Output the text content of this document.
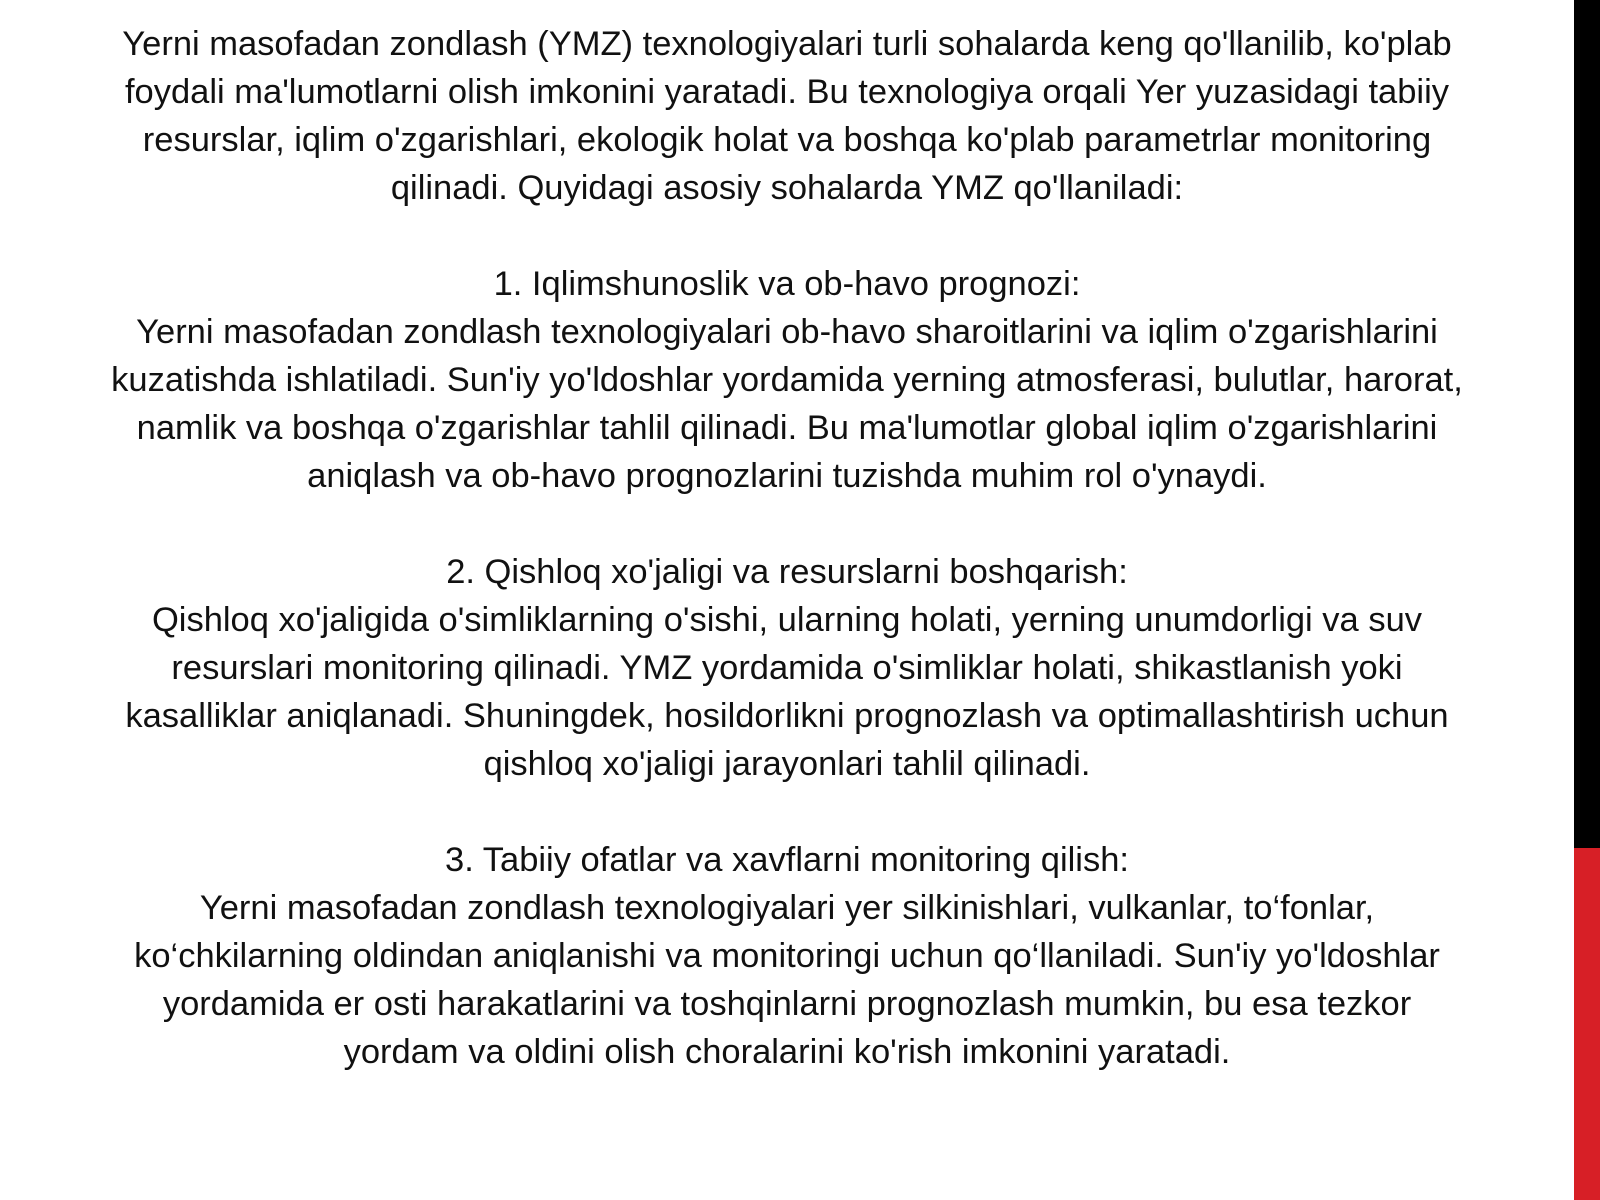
Yerni masofadan zondlash (YMZ) texnologiyalari turli sohalarda keng qo'llanilib, ko'plab
foydali ma'lumotlarni olish imkonini yaratadi. Bu texnologiya orqali Yer yuzasidagi tabiiy
resurslar, iqlim o'zgarishlari, ekologik holat va boshqa ko'plab parametrlar monitoring
qilinadi. Quyidagi asosiy sohalarda YMZ qo'llaniladi:

1. Iqlimshunoslik va ob-havo prognozi:
Yerni masofadan zondlash texnologiyalari ob-havo sharoitlarini va iqlim o'zgarishlarini
kuzatishda ishlatiladi. Sun'iy yo'ldoshlar yordamida yerning atmosferasi, bulutlar, harorat,
namlik va boshqa o'zgarishlar tahlil qilinadi. Bu ma'lumotlar global iqlim o'zgarishlarini
aniqlash va ob-havo prognozlarini tuzishda muhim rol o'ynaydi.

2. Qishloq xo'jaligi va resurslarni boshqarish:
Qishloq xo'jaligida o'simliklarning o'sishi, ularning holati, yerning unumdorligi va suv
resurslari monitoring qilinadi. YMZ yordamida o'simliklar holati, shikastlanish yoki
kasalliklar aniqlanadi. Shuningdek, hosildorlikni prognozlash va optimallashtirish uchun
qishloq xo'jaligi jarayonlari tahlil qilinadi.

3. Tabiiy ofatlar va xavflarni monitoring qilish:
Yerni masofadan zondlash texnologiyalari yer silkinishlari, vulkanlar, to‘fonlar,
ko‘chkilarning oldindan aniqlanishi va monitoringi uchun qo‘llaniladi. Sun'iy yo'ldoshlar
yordamida er osti harakatlarini va toshqinlarni prognozlash mumkin, bu esa tezkor
yordam va oldini olish choralarini ko'rish imkonini yaratadi.
